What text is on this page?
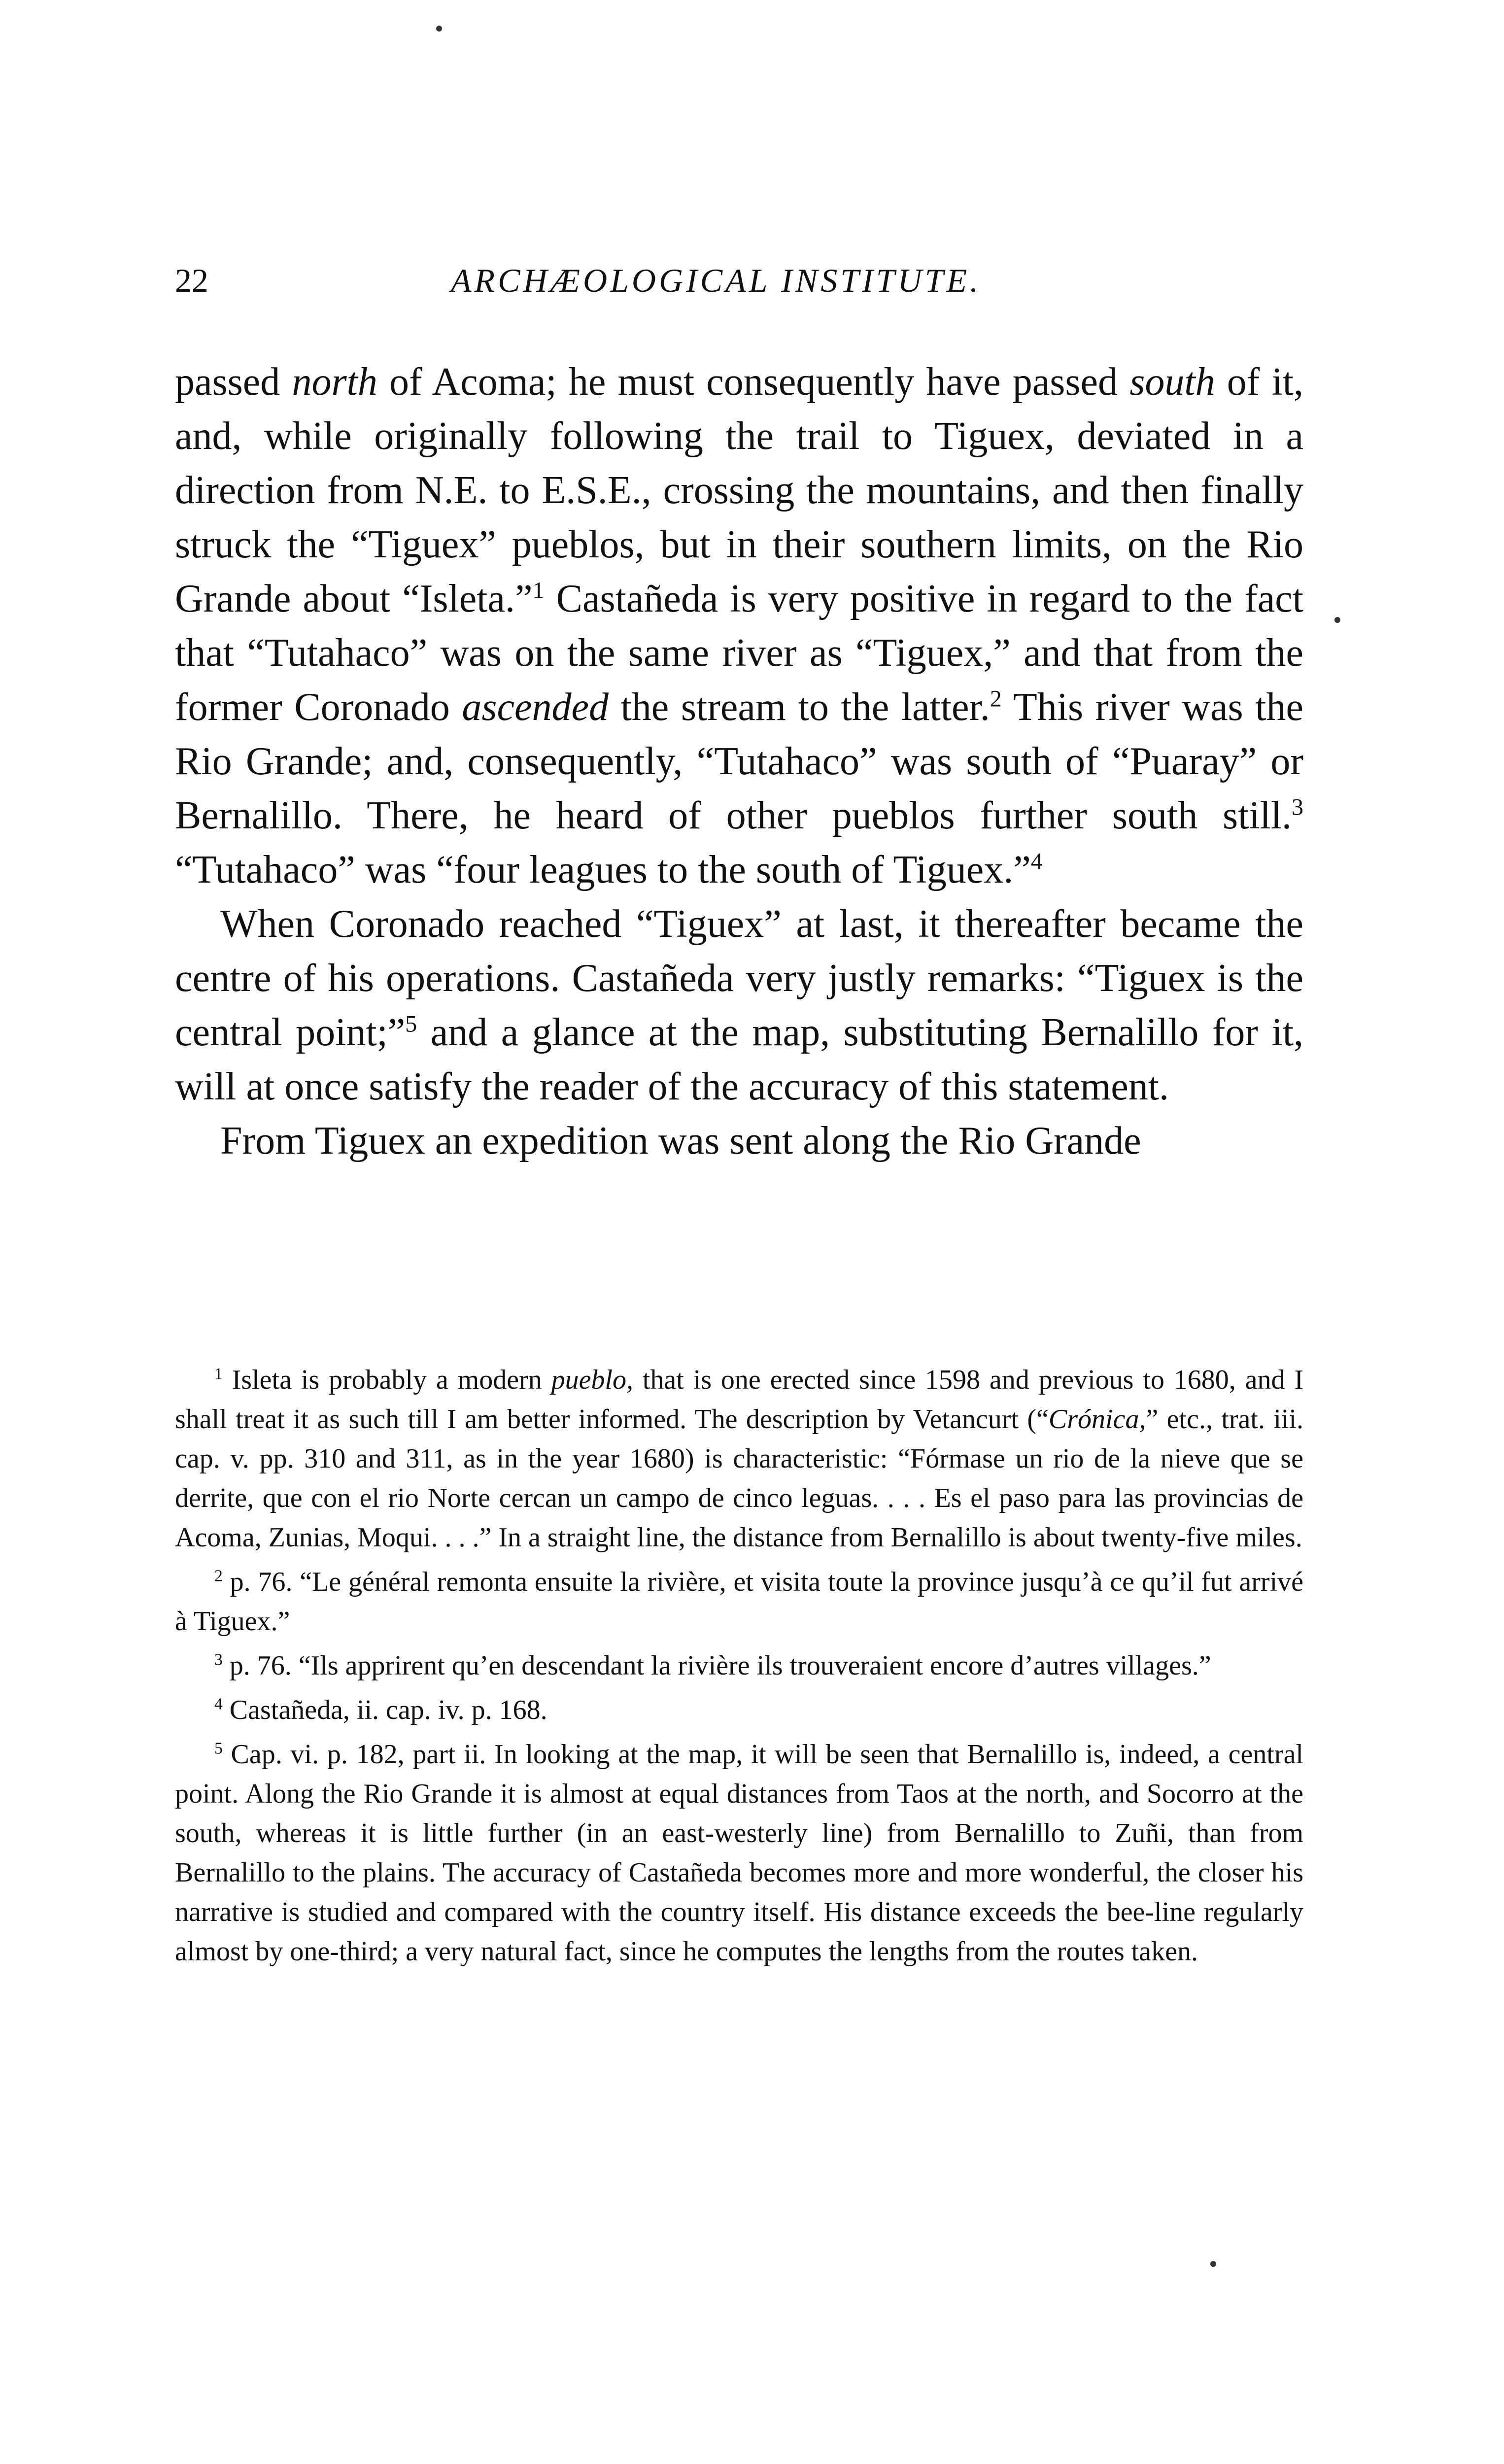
22	ARCHÆOLOGICAL INSTITUTE.

passed north of Acoma; he must consequently have passed south of it, and, while originally following the trail to Tiguex, deviated in a direction from N.E. to E.S.E., crossing the mountains, and then finally struck the “Tiguex” pueblos, but in their southern limits, on the Rio Grande about “Isleta.”$^1$ Castañeda is very positive in regard to the fact that “Tutahaco” was on the same river as “Tiguex,” and that from the former Coronado ascended the stream to the latter.$^2$ This river was the Rio Grande; and, consequently, “Tutahaco” was south of “Puaray” or Bernalillo. There, he heard of other pueblos further south still.$^3$ “Tutahaco” was “four leagues to the south of Tiguex.”$^4$

When Coronado reached “Tiguex” at last, it thereafter became the centre of his operations. Castañeda very justly remarks: “Tiguex is the central point;”$^5$ and a glance at the map, substituting Bernalillo for it, will at once satisfy the reader of the accuracy of this statement.

From Tiguex an expedition was sent along the Rio Grande

$^1$ Isleta is probably a modern pueblo, that is one erected since 1598 and previous to 1680, and I shall treat it as such till I am better informed. The description by Vetancurt (“Crónica,” etc., trat. iii. cap. v. pp. 310 and 311, as in the year 1680) is characteristic: “Fórmase un rio de la nieve que se derrite, que con el rio Norte cercan un campo de cinco leguas. . . . Es el paso para las provincias de Acoma, Zunias, Moqui. . . .” In a straight line, the distance from Bernalillo is about twenty-five miles.

$^2$ p. 76. “Le général remonta ensuite la rivière, et visita toute la province jusqu’à ce qu’il fut arrivé à Tiguex.”

$^3$ p. 76. “Ils apprirent qu’en descendant la rivière ils trouveraient encore d’autres villages.”

$^4$ Castañeda, ii. cap. iv. p. 168.

$^5$ Cap. vi. p. 182, part ii. In looking at the map, it will be seen that Bernalillo is, indeed, a central point. Along the Rio Grande it is almost at equal distances from Taos at the north, and Socorro at the south, whereas it is little further (in an east-westerly line) from Bernalillo to Zuñi, than from Bernalillo to the plains. The accuracy of Castañeda becomes more and more wonderful, the closer his narrative is studied and compared with the country itself. His distance exceeds the bee-line regularly almost by one-third; a very natural fact, since he computes the lengths from the routes taken.
